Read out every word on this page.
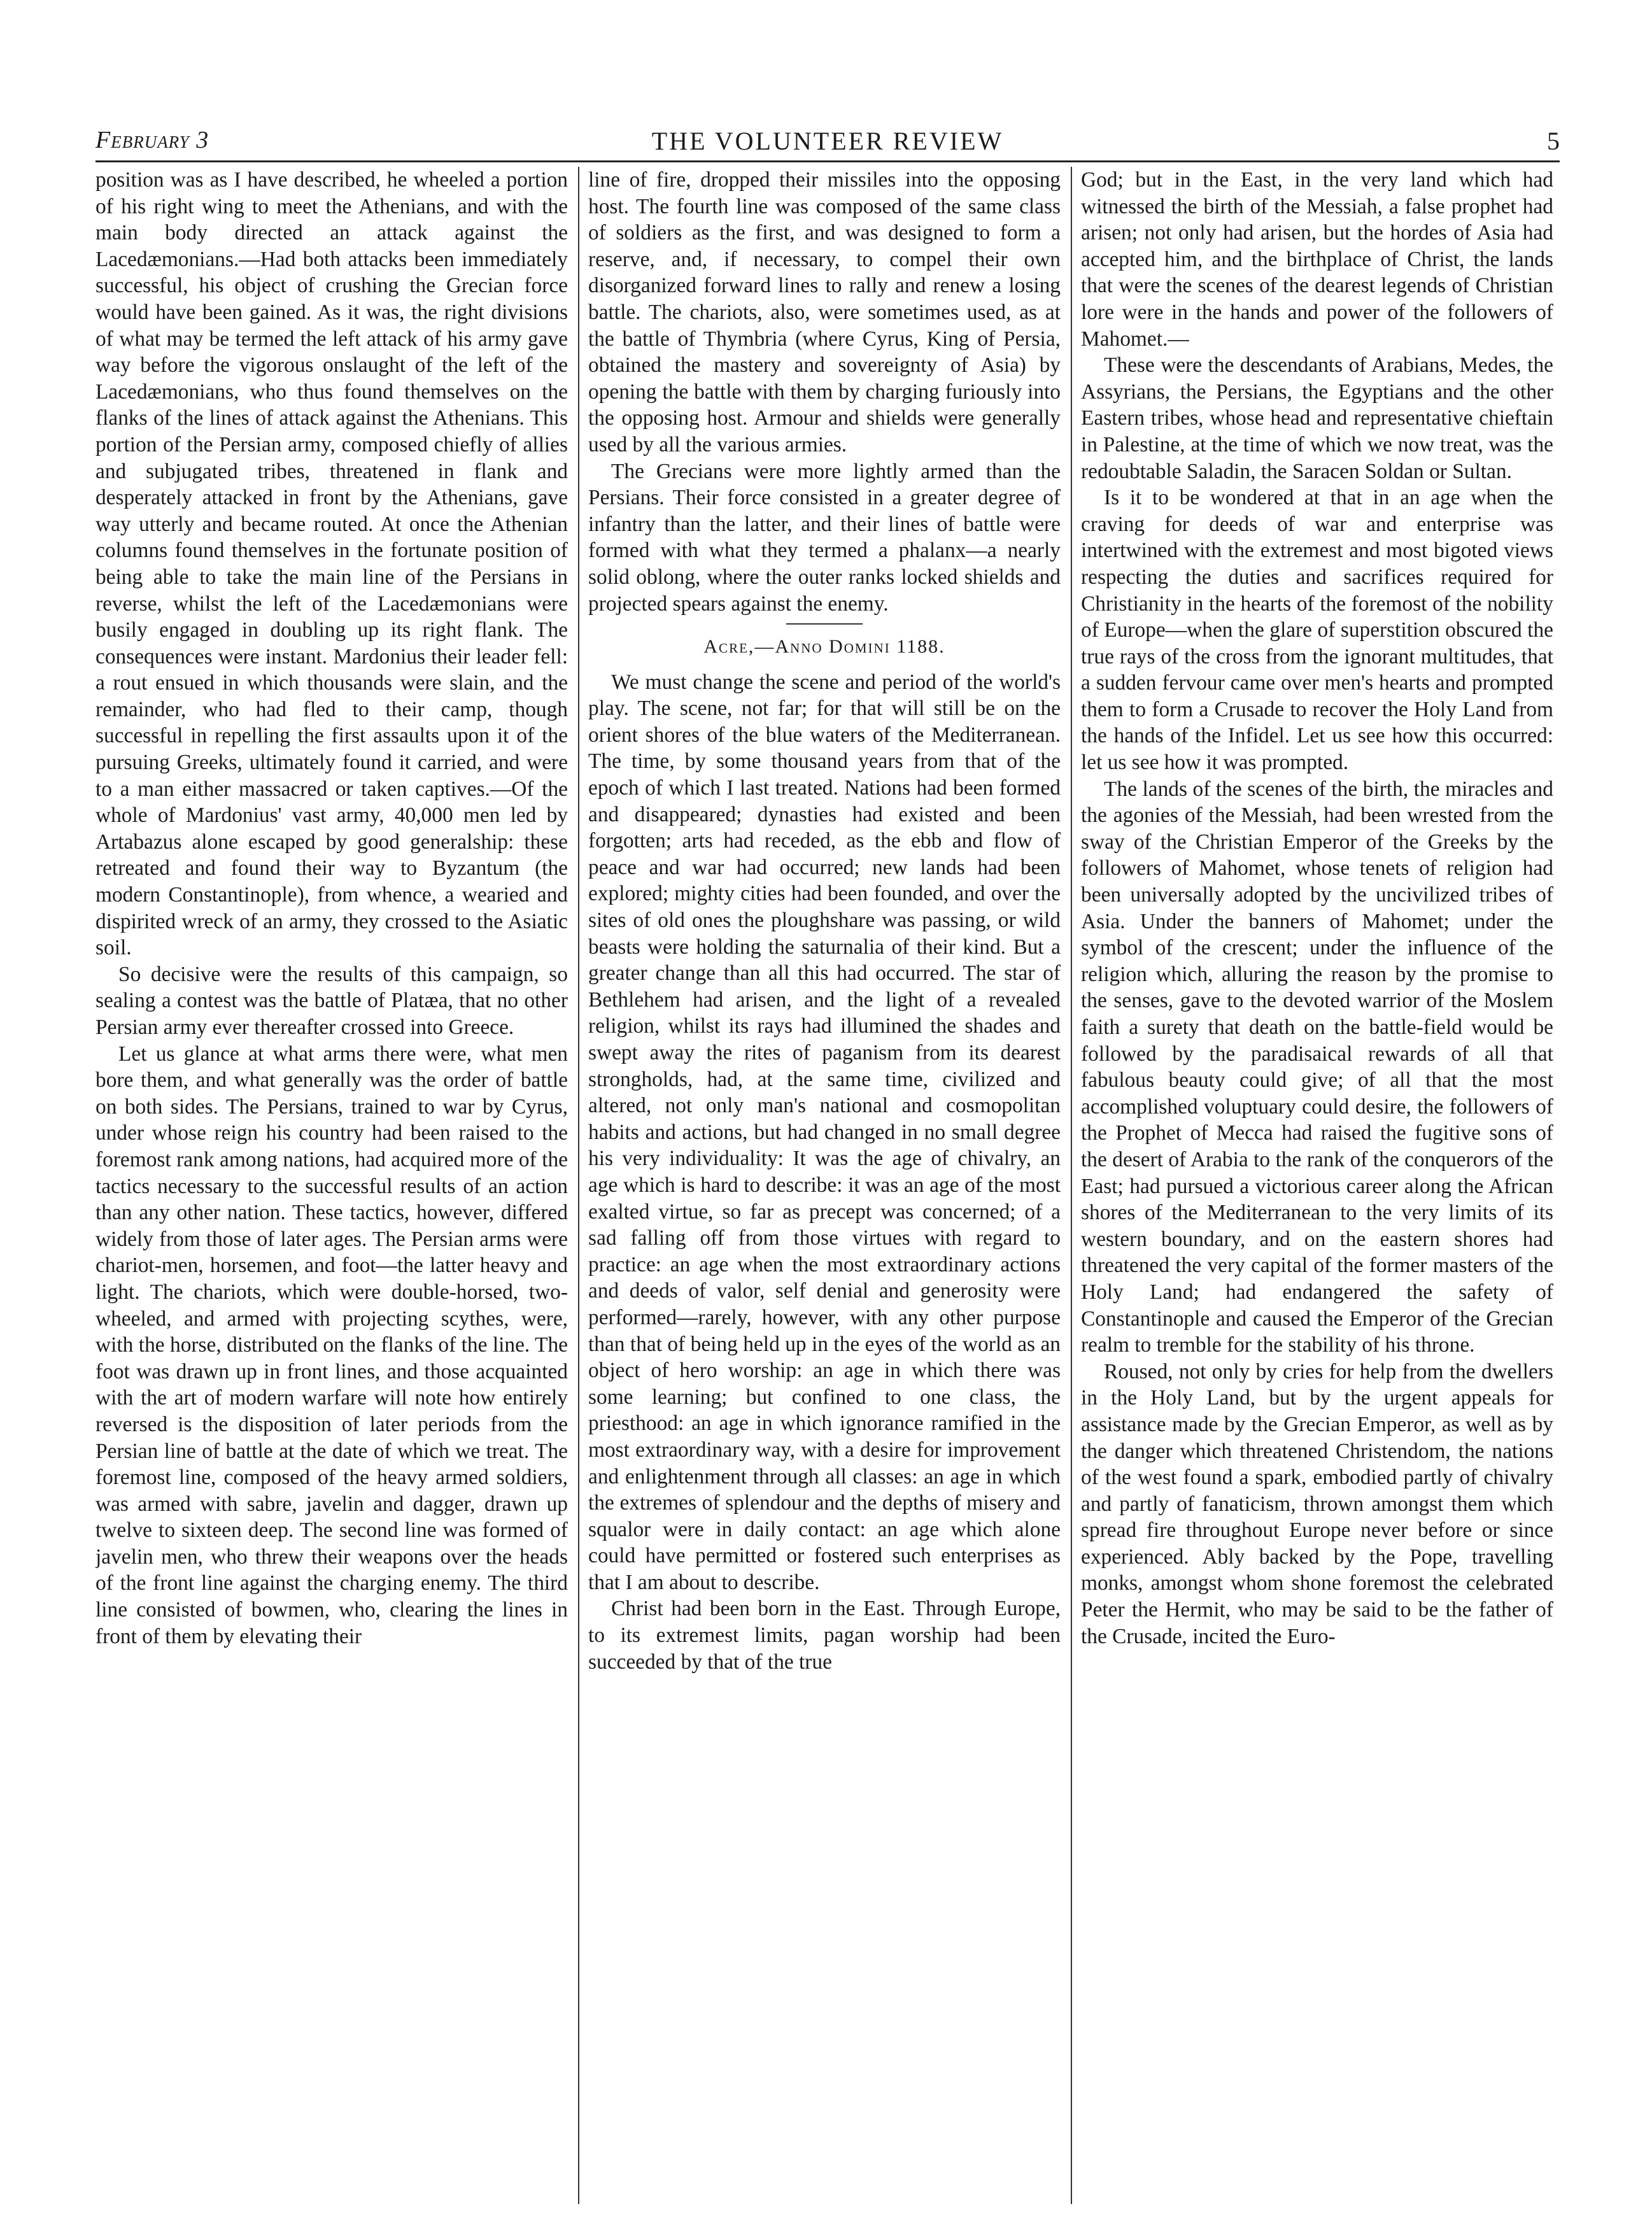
February 3	THE VOLUNTEER REVIEW	5

position was as I have described, he wheeled a portion of his right wing to meet the Athenians, and with the main body directed an attack against the Lacedæmonians.—Had both attacks been immediately successful, his object of crushing the Grecian force would have been gained. As it was, the right divisions of what may be termed the left attack of his army gave way before the vigorous onslaught of the left of the Lacedæmonians, who thus found themselves on the flanks of the lines of attack against the Athenians. This portion of the Persian army, composed chiefly of allies and subjugated tribes, threatened in flank and desperately attacked in front by the Athenians, gave way utterly and became routed. At once the Athenian columns found themselves in the fortunate position of being able to take the main line of the Persians in reverse, whilst the left of the Lacedæmonians were busily engaged in doubling up its right flank. The consequences were instant. Mardonius their leader fell: a rout ensued in which thousands were slain, and the remainder, who had fled to their camp, though successful in repelling the first assaults upon it of the pursuing Greeks, ultimately found it carried, and were to a man either massacred or taken captives.—Of the whole of Mardonius' vast army, 40,000 men led by Artabazus alone escaped by good generalship: these retreated and found their way to Byzantum (the modern Constantinople), from whence, a wearied and dispirited wreck of an army, they crossed to the Asiatic soil.

So decisive were the results of this campaign, so sealing a contest was the battle of Platæa, that no other Persian army ever thereafter crossed into Greece.

Let us glance at what arms there were, what men bore them, and what generally was the order of battle on both sides. The Persians, trained to war by Cyrus, under whose reign his country had been raised to the foremost rank among nations, had acquired more of the tactics necessary to the successful results of an action than any other nation. These tactics, however, differed widely from those of later ages. The Persian arms were chariot-men, horsemen, and foot—the latter heavy and light. The chariots, which were double-horsed, two-wheeled, and armed with projecting scythes, were, with the horse, distributed on the flanks of the line. The foot was drawn up in front lines, and those acquainted with the art of modern warfare will note how entirely reversed is the disposition of later periods from the Persian line of battle at the date of which we treat. The foremost line, composed of the heavy armed soldiers, was armed with sabre, javelin and dagger, drawn up twelve to sixteen deep. The second line was formed of javelin men, who threw their weapons over the heads of the front line against the charging enemy. The third line consisted of bowmen, who, clearing the lines in front of them by elevating their

line of fire, dropped their missiles into the opposing host. The fourth line was composed of the same class of soldiers as the first, and was designed to form a reserve, and, if necessary, to compel their own disorganized forward lines to rally and renew a losing battle. The chariots, also, were sometimes used, as at the battle of Thymbria (where Cyrus, King of Persia, obtained the mastery and sovereignty of Asia) by opening the battle with them by charging furiously into the opposing host. Armour and shields were generally used by all the various armies.

The Grecians were more lightly armed than the Persians. Their force consisted in a greater degree of infantry than the latter, and their lines of battle were formed with what they termed a phalanx—a nearly solid oblong, where the outer ranks locked shields and projected spears against the enemy.

Acre,—Anno Domini 1188.

We must change the scene and period of the world's play. The scene, not far; for that will still be on the orient shores of the blue waters of the Mediterranean. The time, by some thousand years from that of the epoch of which I last treated. Nations had been formed and disappeared; dynasties had existed and been forgotten; arts had receded, as the ebb and flow of peace and war had occurred; new lands had been explored; mighty cities had been founded, and over the sites of old ones the ploughshare was passing, or wild beasts were holding the saturnalia of their kind. But a greater change than all this had occurred. The star of Bethlehem had arisen, and the light of a revealed religion, whilst its rays had illumined the shades and swept away the rites of paganism from its dearest strongholds, had, at the same time, civilized and altered, not only man's national and cosmopolitan habits and actions, but had changed in no small degree his very individuality: It was the age of chivalry, an age which is hard to describe: it was an age of the most exalted virtue, so far as precept was concerned; of a sad falling off from those virtues with regard to practice: an age when the most extraordinary actions and deeds of valor, self denial and generosity were performed—rarely, however, with any other purpose than that of being held up in the eyes of the world as an object of hero worship: an age in which there was some learning; but confined to one class, the priesthood: an age in which ignorance ramified in the most extraordinary way, with a desire for improvement and enlightenment through all classes: an age in which the extremes of splendour and the depths of misery and squalor were in daily contact: an age which alone could have permitted or fostered such enterprises as that I am about to describe.

Christ had been born in the East. Through Europe, to its extremest limits, pagan worship had been succeeded by that of the true

God; but in the East, in the very land which had witnessed the birth of the Messiah, a false prophet had arisen; not only had arisen, but the hordes of Asia had accepted him, and the birthplace of Christ, the lands that were the scenes of the dearest legends of Christian lore were in the hands and power of the followers of Mahomet.—

These were the descendants of Arabians, Medes, the Assyrians, the Persians, the Egyptians and the other Eastern tribes, whose head and representative chieftain in Palestine, at the time of which we now treat, was the redoubtable Saladin, the Saracen Soldan or Sultan.

Is it to be wondered at that in an age when the craving for deeds of war and enterprise was intertwined with the extremest and most bigoted views respecting the duties and sacrifices required for Christianity in the hearts of the foremost of the nobility of Europe—when the glare of superstition obscured the true rays of the cross from the ignorant multitudes, that a sudden fervour came over men's hearts and prompted them to form a Crusade to recover the Holy Land from the hands of the Infidel. Let us see how this occurred: let us see how it was prompted.

The lands of the scenes of the birth, the miracles and the agonies of the Messiah, had been wrested from the sway of the Christian Emperor of the Greeks by the followers of Mahomet, whose tenets of religion had been universally adopted by the uncivilized tribes of Asia. Under the banners of Mahomet; under the symbol of the crescent; under the influence of the religion which, alluring the reason by the promise to the senses, gave to the devoted warrior of the Moslem faith a surety that death on the battle-field would be followed by the paradisaical rewards of all that fabulous beauty could give; of all that the most accomplished voluptuary could desire, the followers of the Prophet of Mecca had raised the fugitive sons of the desert of Arabia to the rank of the conquerors of the East; had pursued a victorious career along the African shores of the Mediterranean to the very limits of its western boundary, and on the eastern shores had threatened the very capital of the former masters of the Holy Land; had endangered the safety of Constantinople and caused the Emperor of the Grecian realm to tremble for the stability of his throne.

Roused, not only by cries for help from the dwellers in the Holy Land, but by the urgent appeals for assistance made by the Grecian Emperor, as well as by the danger which threatened Christendom, the nations of the west found a spark, embodied partly of chivalry and partly of fanaticism, thrown amongst them which spread fire throughout Europe never before or since experienced. Ably backed by the Pope, travelling monks, amongst whom shone foremost the celebrated Peter the Hermit, who may be said to be the father of the Crusade, incited the Euro-
